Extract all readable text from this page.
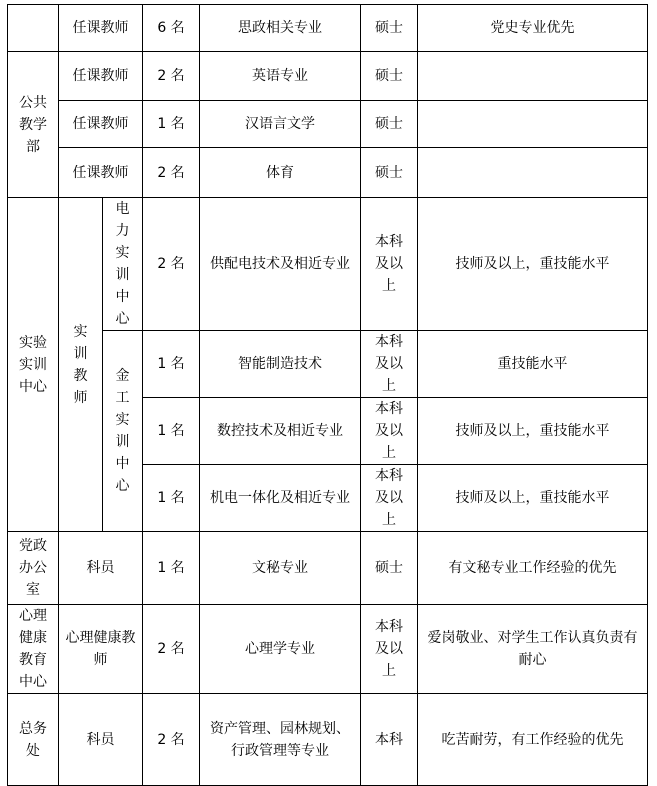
	任课教师		6 名	思政相关专业	硕士	党史专业优先
公共
教学
部	任课教师		2 名	英语专业	硕士	
	任课教师		1 名	汉语言文学	硕士	
	任课教师		2 名	体育	硕士	
实验
实训
中心	实训教师	电力实训中心	2 名	供配电技术及相近专业	本科
及以
上	技师及以上，重技能水平
		金工实训中心	1 名	智能制造技术	本科
及以
上	重技能水平
			1 名	数控技术及相近专业	本科
及以
上	技师及以上，重技能水平
			1 名	机电一体化及相近专业	本科
及以
上	技师及以上，重技能水平
党政
办公
室	科员		1 名	文秘专业	硕士	有文秘专业工作经验的优先
心理
健康
教育
中心	心理健康教师		2 名	心理学专业	本科
及以
上	爱岗敬业、对学生工作认真负责有耐心
总务
处	科员		2 名	资产管理、园林规划、行政管理等专业	本科	吃苦耐劳，有工作经验的优先
